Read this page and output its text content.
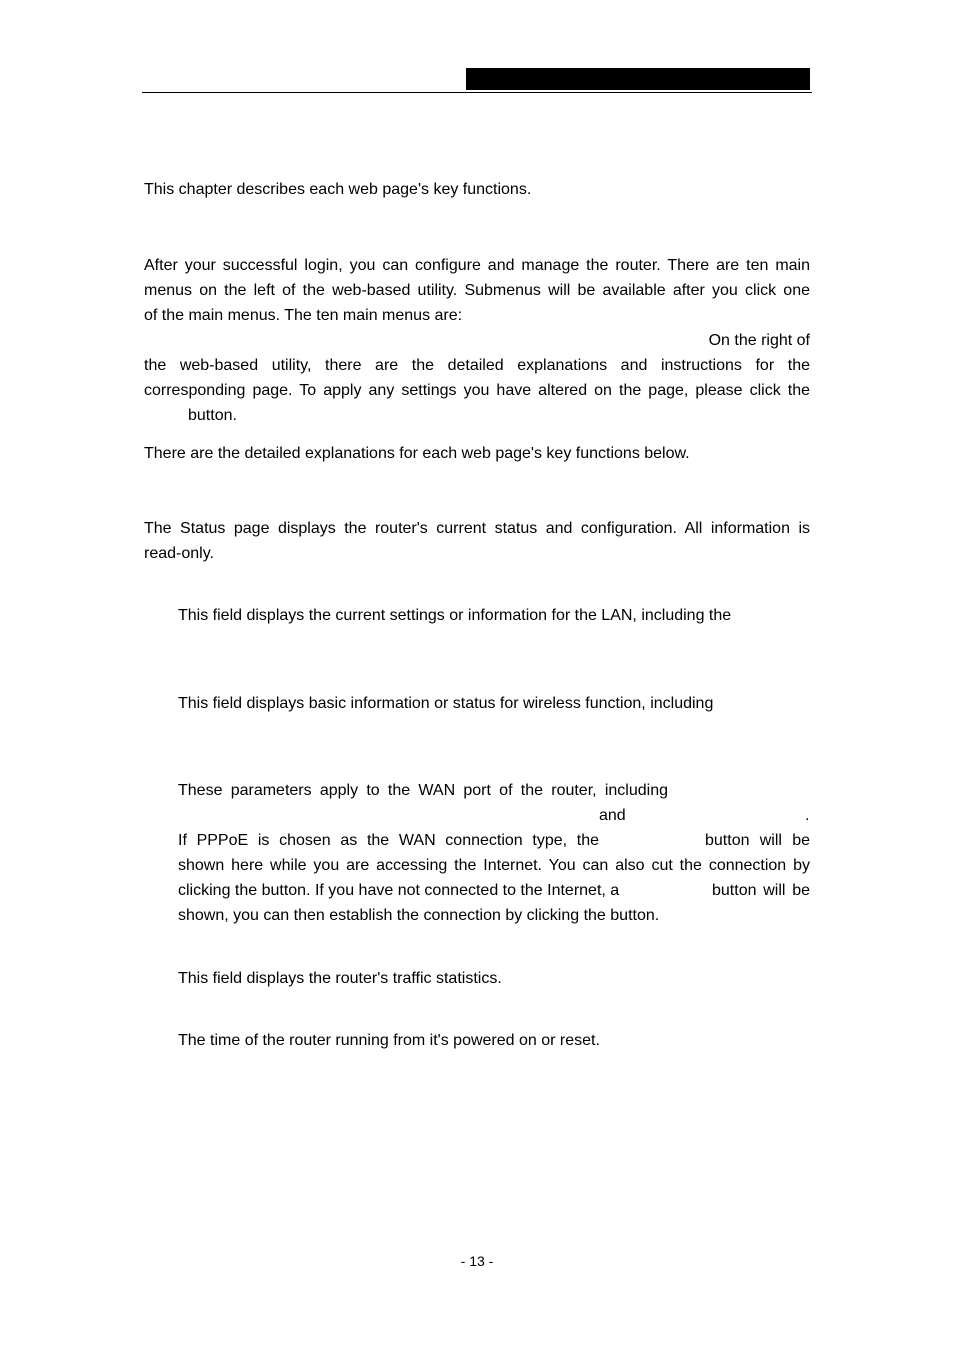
This chapter describes each web page's key functions.
After your successful login, you can configure and manage the router. There are ten main
menus on the left of the web-based utility. Submenus will be available after you click one
of the main menus. The ten main menus are:
On the right of
the web-based utility, there are the detailed explanations and instructions for the
corresponding page. To apply any settings you have altered on the page, please click the
button.
There are the detailed explanations for each web page's key functions below.
The Status page displays the router's current status and configuration. All information is
read-only.
This field displays the current settings or information for the LAN, including the
This field displays basic information or status for wireless function, including
These parameters apply to the WAN port of the router, including
and	.
If PPPoE is chosen as the WAN connection type, the	button will be
shown here while you are accessing the Internet. You can also cut the connection by
clicking the button. If you have not connected to the Internet, a	button will be
shown, you can then establish the connection by clicking the button.
This field displays the router's traffic statistics.
The time of the router running from it's powered on or reset.
- 13 -
